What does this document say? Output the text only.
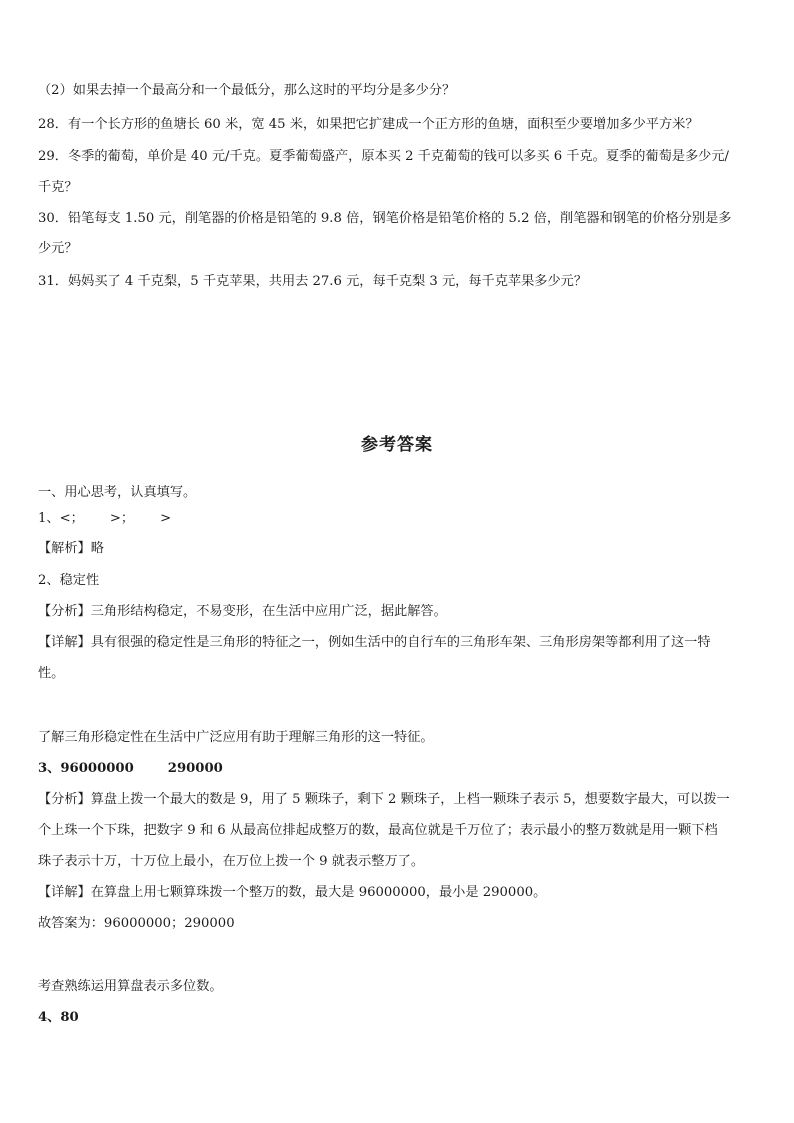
（2）如果去掉一个最高分和一个最低分，那么这时的平均分是多少分？
28．有一个长方形的鱼塘长 60 米，宽 45 米，如果把它扩建成一个正方形的鱼塘，面积至少要增加多少平方米？
29．冬季的葡萄，单价是 40 元/千克。夏季葡萄盛产，原本买 2 千克葡萄的钱可以多买 6 千克。夏季的葡萄是多少元/
千克？
30．铅笔每支 1.50 元，削笔器的价格是铅笔的 9.8 倍，钢笔价格是铅笔价格的 5.2 倍，削笔器和钢笔的价格分别是多
少元？
31．妈妈买了 4 千克梨，5 千克苹果，共用去 27.6 元，每千克梨 3 元，每千克苹果多少元？
参考答案
一、用心思考，认真填写。
1、<； >； >
【解析】略
2、稳定性
【分析】三角形结构稳定，不易变形，在生活中应用广泛，据此解答。
【详解】具有很强的稳定性是三角形的特征之一，例如生活中的自行车的三角形车架、三角形房架等都利用了这一特
性。
了解三角形稳定性在生活中广泛应用有助于理解三角形的这一特征。
3、96000000	290000
【分析】算盘上拨一个最大的数是 9，用了 5 颗珠子，剩下 2 颗珠子，上档一颗珠子表示 5，想要数字最大，可以拨一
个上珠一个下珠，把数字 9 和 6 从最高位排起成整万的数，最高位就是千万位了；表示最小的整万数就是用一颗下档
珠子表示十万，十万位上最小，在万位上拨一个 9 就表示整万了。
【详解】在算盘上用七颗算珠拨一个整万的数，最大是 96000000，最小是 290000。
故答案为：96000000；290000
考查熟练运用算盘表示多位数。
4、80
